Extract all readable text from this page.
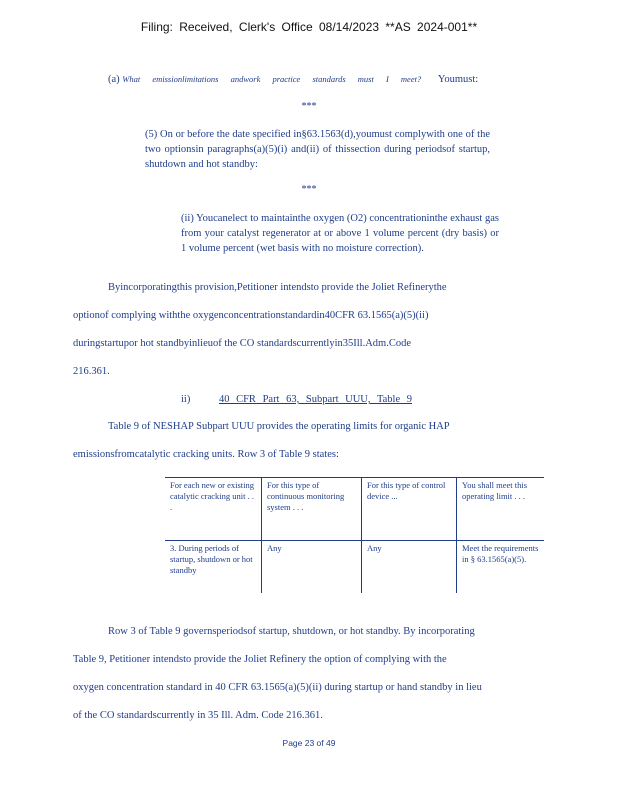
Filing: Received, Clerk's Office 08/14/2023 **AS 2024-001**
(a) What emissionlimitations andwork practice standards must I meet? Youmust:
***
(5) On or before the date specified in§63.1563(d),youmust complywith one of the two optionsin paragraphs(a)(5)(i) and(ii) of thissection during periodsof startup, shutdown and hot standby:
***
(ii) Youcanelect to maintainthe oxygen (O2) concentrationinthe exhaust gas from your catalyst regenerator at or above 1 volume percent (dry basis) or 1 volume percent (wet basis with no moisture correction).
Byincorporatingthis provision,Petitioner intendsto provide the Joliet Refinerythe
optionof complying withthe oxygenconcentrationstandardin40CFR 63.1565(a)(5)(ii)
duringstartupor hot standbyinlieuof the CO standardscurrentlyin35Ill.Adm.Code
216.361.
ii)	40 CFR Part 63, Subpart UUU, Table 9
Table 9 of NESHAP Subpart UUU provides the operating limits for organic HAP
emissionsfromcatalytic cracking units. Row 3 of Table 9 states:
For each new or existing catalytic cracking unit . . .	For this type of continuous monitoring system . . .	For this type of control device ...	You shall meet this operating limit . . .
3. During periods of startup, shutdown or hot standby	Any	Any	Meet the requirements in § 63.1565(a)(5).
Row 3 of Table 9 governsperiodsof startup, shutdown, or hot standby. By incorporating
Table 9, Petitioner intendsto provide the Joliet Refinery the option of complying with the
oxygen concentration standard in 40 CFR 63.1565(a)(5)(ii) during startup or hand standby in lieu
of the CO standardscurrently in 35 Ill. Adm. Code 216.361.
Page 23 of 49
